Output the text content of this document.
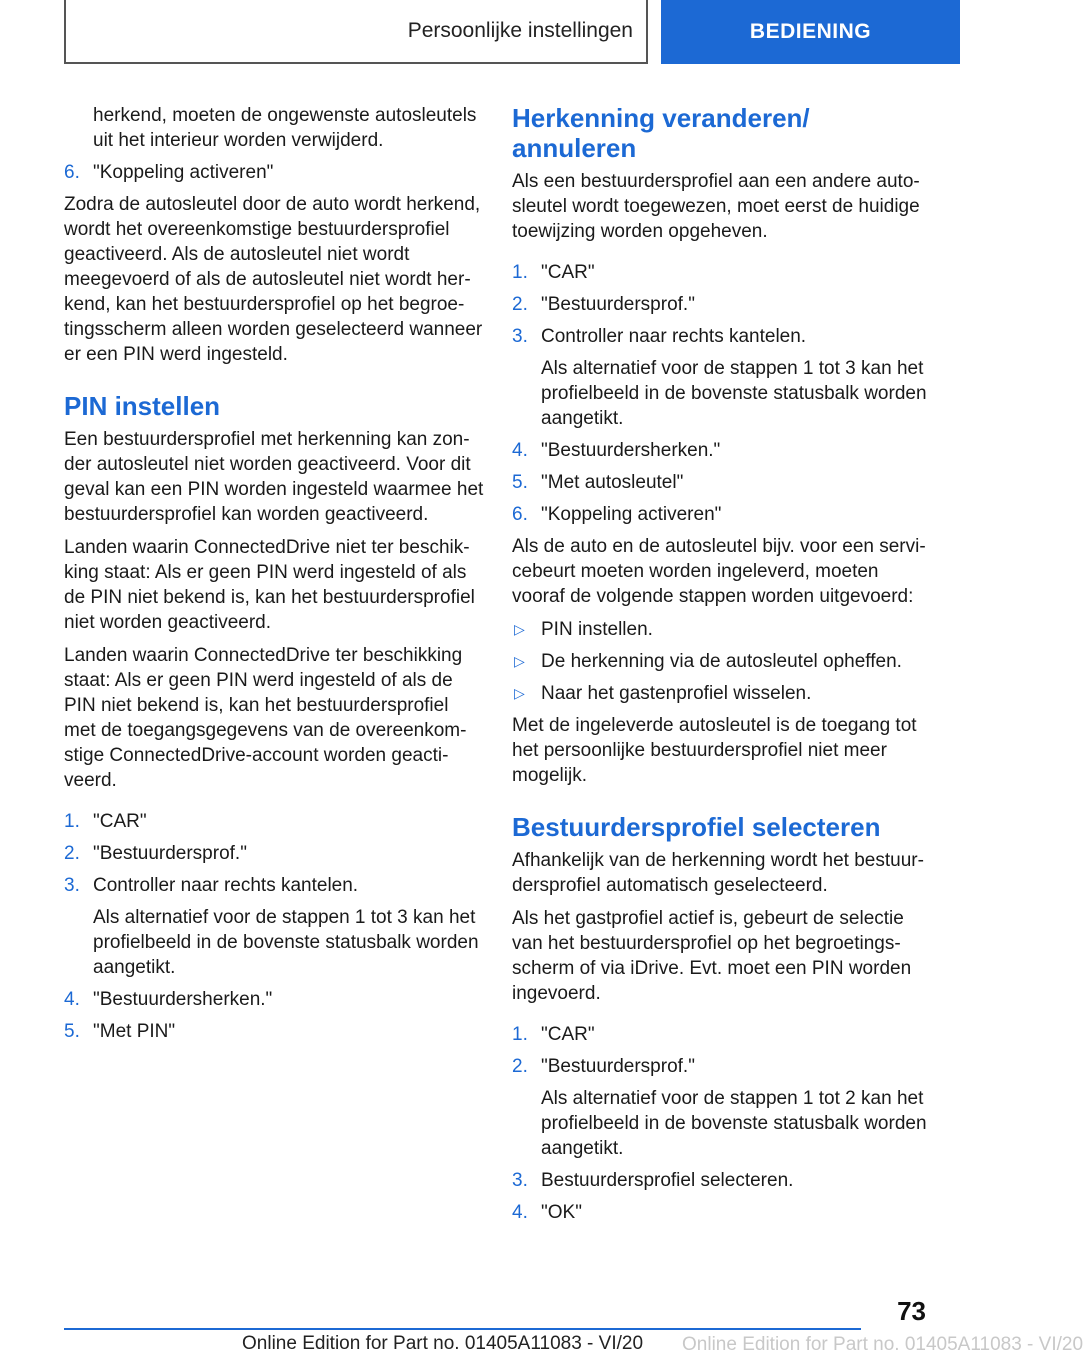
Persoonlijke instellingen	BEDIENING
herkend, moeten de ongewenste autosleutels uit het interieur worden verwijderd.
6. "Koppeling activeren"

Zodra de autosleutel door de auto wordt herkend, wordt het overeenkomstige bestuurdersprofiel geactiveerd. Als de autosleutel niet wordt meegevoerd of als de autosleutel niet wordt herkend, kan het bestuurdersprofiel op het begroetingsscherm alleen worden geselecteerd wanneer er een PIN werd ingesteld.

PIN instellen

Een bestuurdersprofiel met herkenning kan zonder autosleutel niet worden geactiveerd. Voor dit geval kan een PIN worden ingesteld waarmee het bestuurdersprofiel kan worden geactiveerd.

Landen waarin ConnectedDrive niet ter beschikking staat: Als er geen PIN werd ingesteld of als de PIN niet bekend is, kan het bestuurdersprofiel niet worden geactiveerd.

Landen waarin ConnectedDrive ter beschikking staat: Als er geen PIN werd ingesteld of als de PIN niet bekend is, kan het bestuurdersprofiel met de toegangsgegevens van de overeenkomstige ConnectedDrive-account worden geactiveerd.

1. "CAR"
2. "Bestuurdersprof."
3. Controller naar rechts kantelen.
Als alternatief voor de stappen 1 tot 3 kan het profielbeeld in de bovenste statusbalk worden aangetikt.
4. "Bestuurdersherken."
5. "Met PIN"
Herkenning veranderen/ annuleren

Als een bestuurdersprofiel aan een andere autosleutel wordt toegewezen, moet eerst de huidige toewijzing worden opgeheven.

1. "CAR"
2. "Bestuurdersprof."
3. Controller naar rechts kantelen.
Als alternatief voor de stappen 1 tot 3 kan het profielbeeld in de bovenste statusbalk worden aangetikt.
4. "Bestuurdersherken."
5. "Met autosleutel"
6. "Koppeling activeren"

Als de auto en de autosleutel bijv. voor een servicebeurt moeten worden ingeleverd, moeten vooraf de volgende stappen worden uitgevoerd:

▷ PIN instellen.
▷ De herkenning via de autosleutel opheffen.
▷ Naar het gastenprofiel wisselen.

Met de ingeleverde autosleutel is de toegang tot het persoonlijke bestuurdersprofiel niet meer mogelijk.

Bestuurdersprofiel selecteren

Afhankelijk van de herkenning wordt het bestuurdersprofiel automatisch geselecteerd.

Als het gastprofiel actief is, gebeurt de selectie van het bestuurdersprofiel op het begroetingsscherm of via iDrive. Evt. moet een PIN worden ingevoerd.

1. "CAR"
2. "Bestuurdersprof."
Als alternatief voor de stappen 1 tot 2 kan het profielbeeld in de bovenste statusbalk worden aangetikt.
3. Bestuurdersprofiel selecteren.
4. "OK"
73
Online Edition for Part no. 01405A11083 - VI/20	Online Edition for Part no. 01405A11083 - VI/20
